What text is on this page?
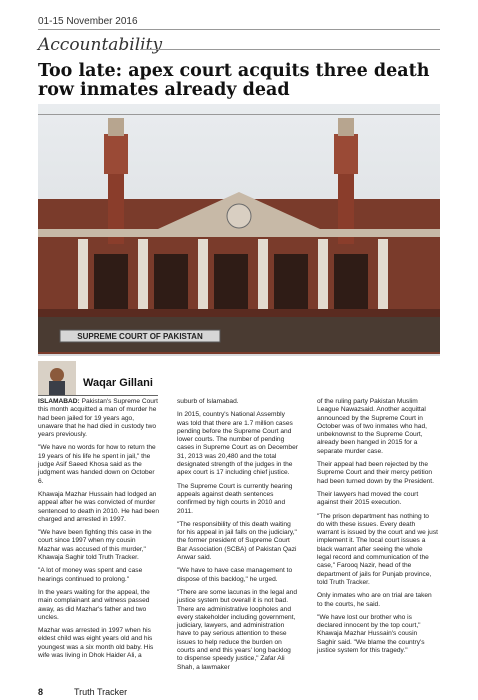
01-15 November 2016
Accountability
Too late: apex court acquits three death row inmates already dead
SUPREME COURT OF PAKISTAN
Waqar Gillani

ISLAMABAD: Pakistan's Supreme Court this month acquitted a man of murder he had been jailed for 19 years ago, unaware that he had died in custody two years previously.

"We have no words for how to return the 19 years of his life he spent in jail," the judge Asif Saeed Khosa said as the judgment was handed down on October 6.

Khawaja Mazhar Hussain had lodged an appeal after he was convicted of murder sentenced to death in 2010. He had been charged and arrested in 1997.

"We have been fighting this case in the court since 1997 when my cousin Mazhar was accused of this murder," Khawaja Saghir told Truth Tracker.

"A lot of money was spent and case hearings continued to prolong."

In the years waiting for the appeal, the main complainant and witness passed away, as did Mazhar's father and two uncles.

Mazhar was arrested in 1997 when his eldest child was eight years old and his youngest was a six month old baby. His wife was living in Dhok Haider Ali, a

suburb of Islamabad.

In 2015, country's National Assembly was told that there are 1.7 million cases pending before the Supreme Court and lower courts. The number of pending cases in Supreme Court as on December 31, 2013 was 20,480 and the total designated strength of the judges in the apex court is 17 including chief justice.

The Supreme Court is currently hearing appeals against death sentences confirmed by high courts in 2010 and 2011.

"The responsibility of this death waiting for his appeal in jail falls on the judiciary," the former president of Supreme Court Bar Association (SCBA) of Pakistan Qazi Anwar said.

"We have to have case management to dispose of this backlog," he urged.

"There are some lacunas in the legal and justice system but overall it is not bad. There are administrative loopholes and every stakeholder including government, judiciary, lawyers, and administration have to pay serious attention to these issues to help reduce the burden on courts and end this years' long backlog to dispense speedy justice," Zafar Ali Shah, a lawmaker

of the ruling party Pakistan Muslim League Nawazsaid. Another acquittal announced by the Supreme Court in October was of two inmates who had, unbeknownst to the Supreme Court, already been hanged in 2015 for a separate murder case.

Their appeal had been rejected by the Supreme Court and their mercy petition had been turned down by the President.

Their lawyers had moved the court against their 2015 execution.

"The prison department has nothing to do with these issues. Every death warrant is issued by the court and we just implement it. The local court issues a black warrant after seeing the whole legal record and communication of the case," Farooq Nazir, head of the department of jails for Punjab province, told Truth Tracker.

Only inmates who are on trial are taken to the courts, he said.

"We have lost our brother who is declared innocent by the top court," Khawaja Mazhar Hussain's cousin Saghir said. "We blame the country's justice system for this tragedy."

8	Truth Tracker
